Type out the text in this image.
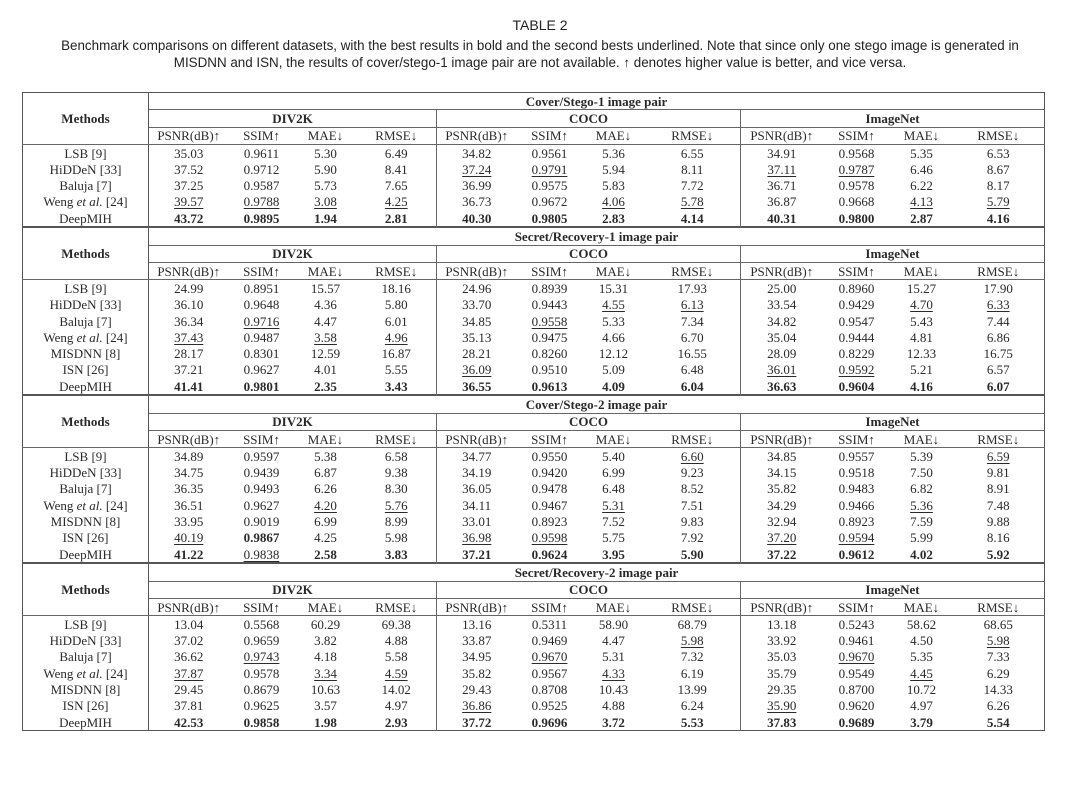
TABLE 2
Benchmark comparisons on different datasets, with the best results in bold and the second bests underlined. Note that since only one stego image is generated in MISDNN and ISN, the results of cover/stego-1 image pair are not available. ↑ denotes higher value is better, and vice versa.
Methods	Cover/Stego-1 image pair											
	DIV2K				COCO				ImageNet			
	PSNR(dB)↑	SSIM↑	MAE↓	RMSE↓	PSNR(dB)↑	SSIM↑	MAE↓	RMSE↓	PSNR(dB)↑	SSIM↑	MAE↓	RMSE↓
LSB [9]	35.03	0.9611	5.30	6.49	34.82	0.9561	5.36	6.55	34.91	0.9568	5.35	6.53
HiDDeN [33]	37.52	0.9712	5.90	8.41	37.24	0.9791	5.94	8.11	37.11	0.9787	6.46	8.67
Baluja [7]	37.25	0.9587	5.73	7.65	36.99	0.9575	5.83	7.72	36.71	0.9578	6.22	8.17
Weng et al. [24]	39.57	0.9788	3.08	4.25	36.73	0.9672	4.06	5.78	36.87	0.9668	4.13	5.79
DeepMIH	43.72	0.9895	1.94	2.81	40.30	0.9805	2.83	4.14	40.31	0.9800	2.87	4.16
Methods	Secret/Recovery-1 image pair											
	DIV2K				COCO				ImageNet			
	PSNR(dB)↑	SSIM↑	MAE↓	RMSE↓	PSNR(dB)↑	SSIM↑	MAE↓	RMSE↓	PSNR(dB)↑	SSIM↑	MAE↓	RMSE↓
LSB [9]	24.99	0.8951	15.57	18.16	24.96	0.8939	15.31	17.93	25.00	0.8960	15.27	17.90
HiDDeN [33]	36.10	0.9648	4.36	5.80	33.70	0.9443	4.55	6.13	33.54	0.9429	4.70	6.33
Baluja [7]	36.34	0.9716	4.47	6.01	34.85	0.9558	5.33	7.34	34.82	0.9547	5.43	7.44
Weng et al. [24]	37.43	0.9487	3.58	4.96	35.13	0.9475	4.66	6.70	35.04	0.9444	4.81	6.86
MISDNN [8]	28.17	0.8301	12.59	16.87	28.21	0.8260	12.12	16.55	28.09	0.8229	12.33	16.75
ISN [26]	37.21	0.9627	4.01	5.55	36.09	0.9510	5.09	6.48	36.01	0.9592	5.21	6.57
DeepMIH	41.41	0.9801	2.35	3.43	36.55	0.9613	4.09	6.04	36.63	0.9604	4.16	6.07
Methods	Cover/Stego-2 image pair											
	DIV2K				COCO				ImageNet			
	PSNR(dB)↑	SSIM↑	MAE↓	RMSE↓	PSNR(dB)↑	SSIM↑	MAE↓	RMSE↓	PSNR(dB)↑	SSIM↑	MAE↓	RMSE↓
LSB [9]	34.89	0.9597	5.38	6.58	34.77	0.9550	5.40	6.60	34.85	0.9557	5.39	6.59
HiDDeN [33]	34.75	0.9439	6.87	9.38	34.19	0.9420	6.99	9.23	34.15	0.9518	7.50	9.81
Baluja [7]	36.35	0.9493	6.26	8.30	36.05	0.9478	6.48	8.52	35.82	0.9483	6.82	8.91
Weng et al. [24]	36.51	0.9627	4.20	5.76	34.11	0.9467	5.31	7.51	34.29	0.9466	5.36	7.48
MISDNN [8]	33.95	0.9019	6.99	8.99	33.01	0.8923	7.52	9.83	32.94	0.8923	7.59	9.88
ISN [26]	40.19	0.9867	4.25	5.98	36.98	0.9598	5.75	7.92	37.20	0.9594	5.99	8.16
DeepMIH	41.22	0.9838	2.58	3.83	37.21	0.9624	3.95	5.90	37.22	0.9612	4.02	5.92
Methods	Secret/Recovery-2 image pair											
	DIV2K				COCO				ImageNet			
	PSNR(dB)↑	SSIM↑	MAE↓	RMSE↓	PSNR(dB)↑	SSIM↑	MAE↓	RMSE↓	PSNR(dB)↑	SSIM↑	MAE↓	RMSE↓
LSB [9]	13.04	0.5568	60.29	69.38	13.16	0.5311	58.90	68.79	13.18	0.5243	58.62	68.65
HiDDeN [33]	37.02	0.9659	3.82	4.88	33.87	0.9469	4.47	5.98	33.92	0.9461	4.50	5.98
Baluja [7]	36.62	0.9743	4.18	5.58	34.95	0.9670	5.31	7.32	35.03	0.9670	5.35	7.33
Weng et al. [24]	37.87	0.9578	3.34	4.59	35.82	0.9567	4.33	6.19	35.79	0.9549	4.45	6.29
MISDNN [8]	29.45	0.8679	10.63	14.02	29.43	0.8708	10.43	13.99	29.35	0.8700	10.72	14.33
ISN [26]	37.81	0.9625	3.57	4.97	36.86	0.9525	4.88	6.24	35.90	0.9620	4.97	6.26
DeepMIH	42.53	0.9858	1.98	2.93	37.72	0.9696	3.72	5.53	37.83	0.9689	3.79	5.54
